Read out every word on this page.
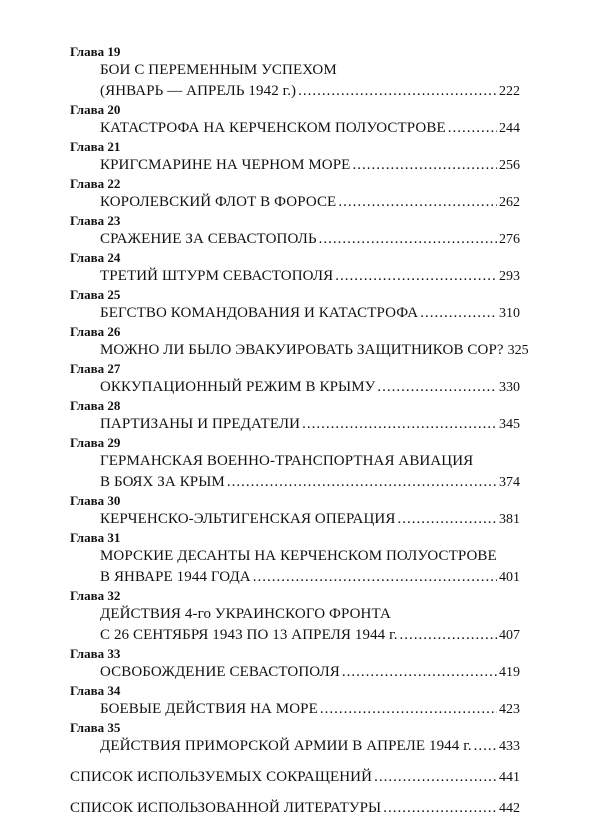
Глава 19
БОИ С ПЕРЕМЕННЫМ УСПЕХОМ
(ЯНВАРЬ — АПРЕЛЬ 1942 г.) .....	222
Глава 20
КАТАСТРОФА НА КЕРЧЕНСКОМ ПОЛУОСТРОВЕ .....	244
Глава 21
КРИГСМАРИНЕ НА ЧЕРНОМ МОРЕ .....	256
Глава 22
КОРОЛЕВСКИЙ ФЛОТ В ФОРОСЕ .....	262
Глава 23
СРАЖЕНИЕ ЗА СЕВАСТОПОЛЬ .....	276
Глава 24
ТРЕТИЙ ШТУРМ СЕВАСТОПОЛЯ .....	293
Глава 25
БЕГСТВО КОМАНДОВАНИЯ И КАТАСТРОФА .....	310
Глава 26
МОЖНО ЛИ БЫЛО ЭВАКУИРОВАТЬ ЗАЩИТНИКОВ СОР? 325
Глава 27
ОККУПАЦИОННЫЙ РЕЖИМ В КРЫМУ .....	330
Глава 28
ПАРТИЗАНЫ И ПРЕДАТЕЛИ .....	345
Глава 29
ГЕРМАНСКАЯ ВОЕННО-ТРАНСПОРТНАЯ АВИАЦИЯ
В БОЯХ ЗА КРЫМ .....	374
Глава 30
КЕРЧЕНСКО-ЭЛЬТИГЕНСКАЯ ОПЕРАЦИЯ .....	381
Глава 31
МОРСКИЕ ДЕСАНТЫ НА КЕРЧЕНСКОМ ПОЛУОСТРОВЕ
В ЯНВАРЕ 1944 ГОДА .....	401
Глава 32
ДЕЙСТВИЯ 4-го УКРАИНСКОГО ФРОНТА
С 26 СЕНТЯБРЯ 1943 ПО 13 АПРЕЛЯ 1944 г. .....	407
Глава 33
ОСВОБОЖДЕНИЕ СЕВАСТОПОЛЯ .....	419
Глава 34
БОЕВЫЕ ДЕЙСТВИЯ НА МОРЕ .....	423
Глава 35
ДЕЙСТВИЯ ПРИМОРСКОЙ АРМИИ В АПРЕЛЕ 1944 г. ..... 433
СПИСОК ИСПОЛЬЗУЕМЫХ СОКРАЩЕНИЙ .....	441
СПИСОК ИСПОЛЬЗОВАННОЙ ЛИТЕРАТУРЫ .....	442
